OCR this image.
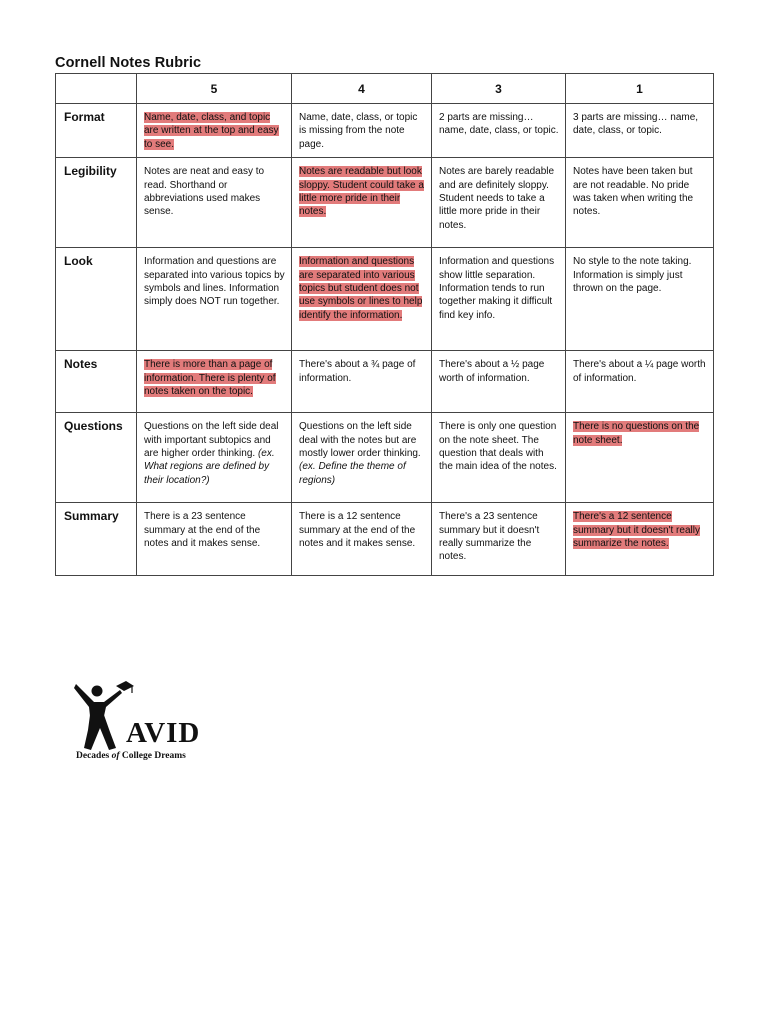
Cornell Notes Rubric
	5	4	3	1
Format	Name, date, class, and topic are written at the top and easy to see.	Name, date, class, or topic is missing from the note page.	2 parts are missing… name, date, class, or topic.	3 parts are missing… name, date, class, or topic.
Legibility	Notes are neat and easy to read. Shorthand or abbreviations used makes sense.	Notes are readable but look sloppy. Student could take a little more pride in their notes.	Notes are barely readable and are definitely sloppy. Student needs to take a little more pride in their notes.	Notes have been taken but are not readable. No pride was taken when writing the notes.
Look	Information and questions are separated into various topics by symbols and lines. Information simply does NOT run together.	Information and questions are separated into various topics but student does not use symbols or lines to help identify the information.	Information and questions show little separation. Information tends to run together making it difficult find key info.	No style to the note taking. Information is simply just thrown on the page.
Notes	There is more than a page of information. There is plenty of notes taken on the topic.	There's about a ¾ page of information.	There's about a ½ page worth of information.	There's about a ¼ page worth of information.
Questions	Questions on the left side deal with important subtopics and are higher order thinking. (ex. What regions are defined by their location?)	Questions on the left side deal with the notes but are mostly lower order thinking. (ex. Define the theme of regions)	There is only one question on the note sheet. The question that deals with the main idea of the notes.	There is no questions on the note sheet.
Summary	There is a 23 sentence summary at the end of the notes and it makes sense.	There is a 12 sentence summary at the end of the notes and it makes sense.	There's a 23 sentence summary but it doesn't really summarize the notes.	There's a 12 sentence summary but it doesn't really summarize the notes.
AVID
Decades of College Dreams
